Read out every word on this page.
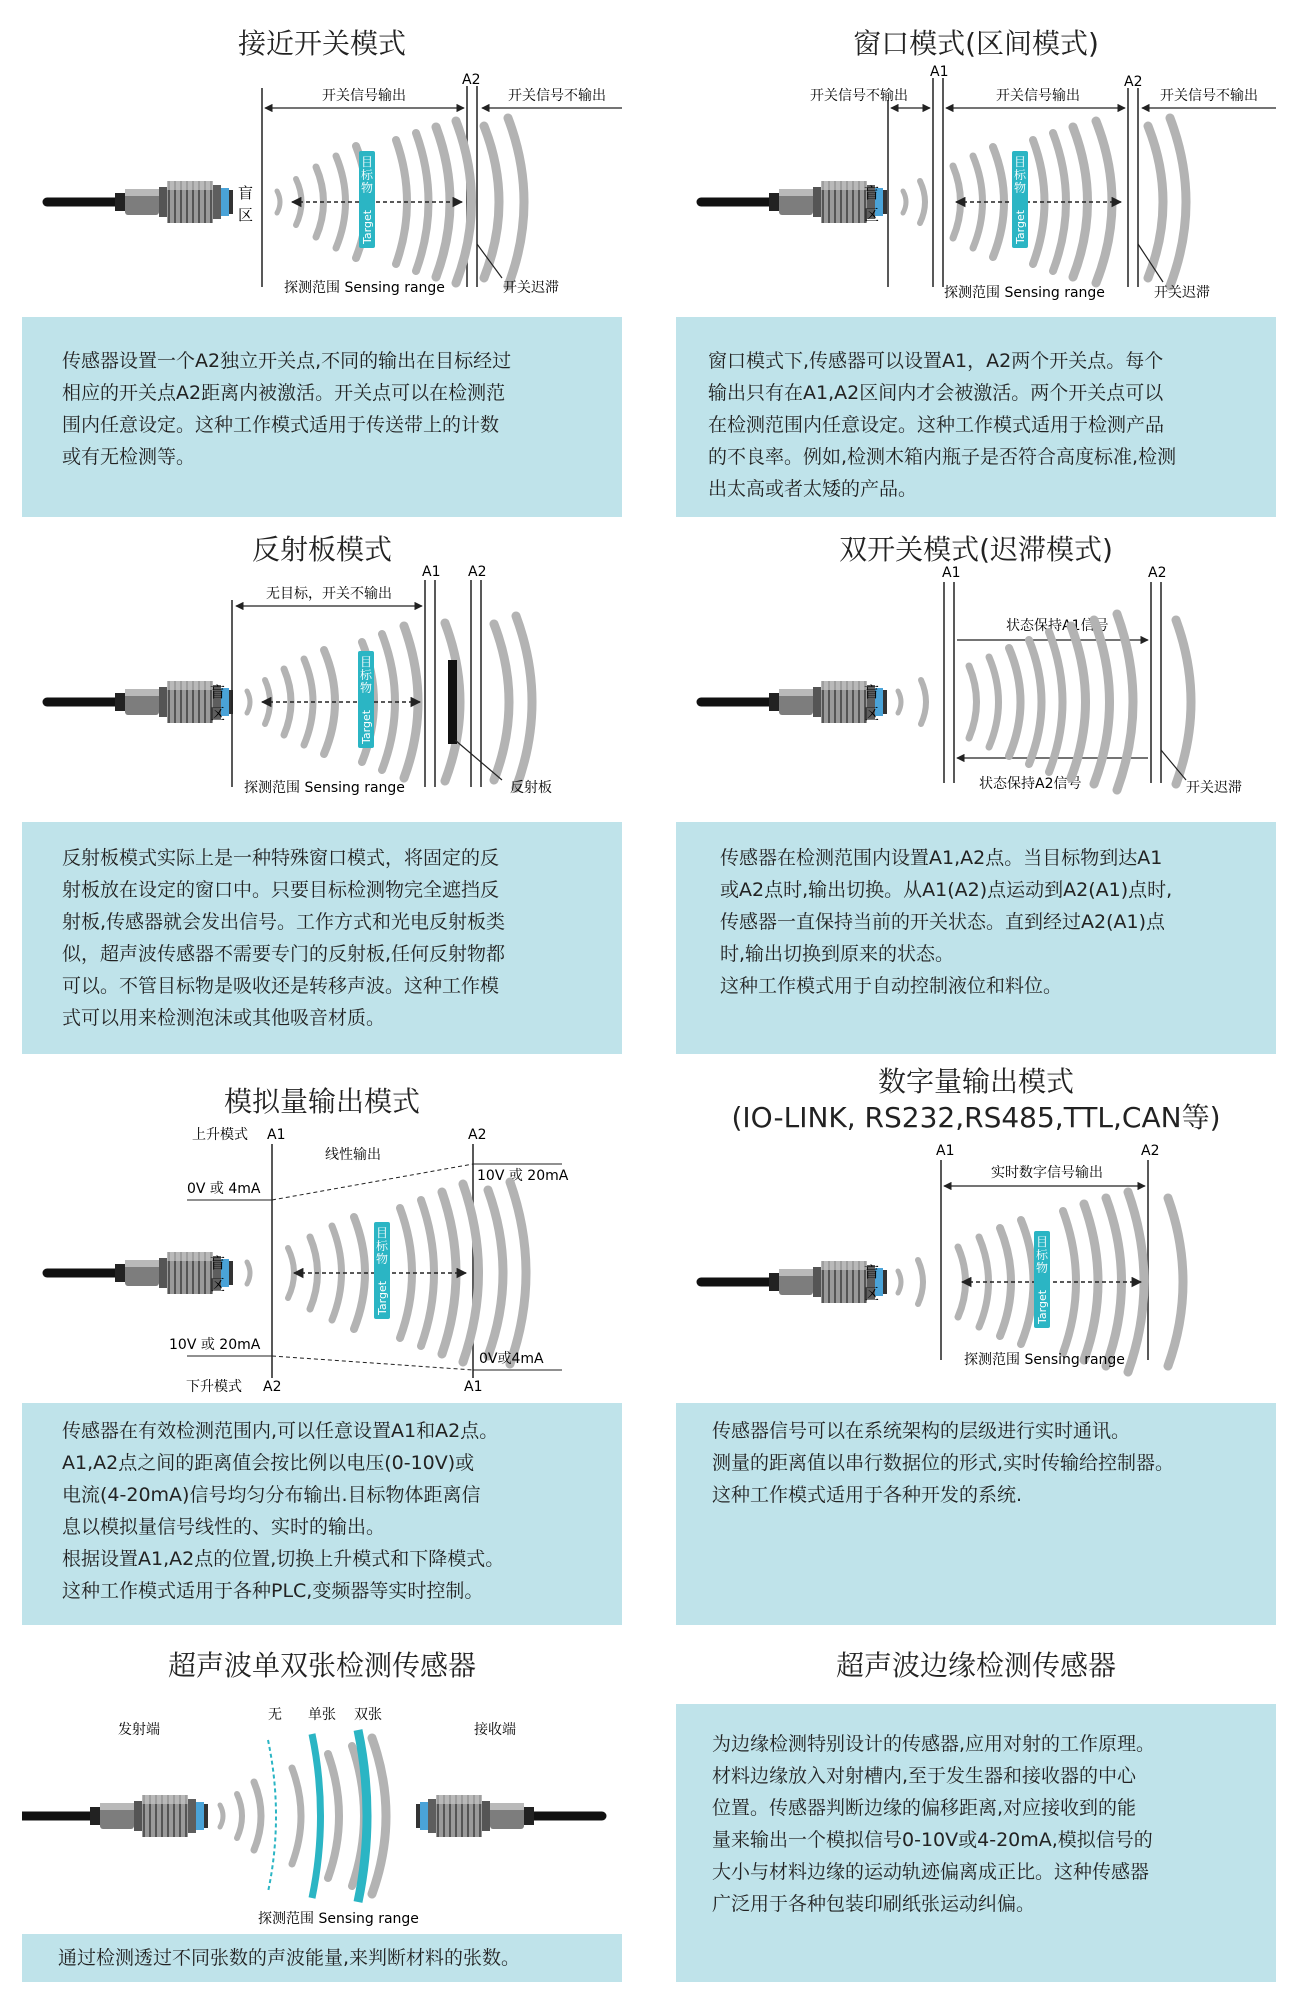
接近开关模式
盲
区
A2
开关信号输出	开关信号不输出
目
标
物
Target
开关迟滞
探测范围 Sensing range

传感器设置一个A2独立开关点,不同的输出在目标经过

相应的开关点A2距离内被激活。开关点可以在检测范

围内任意设定。这种工作模式适用于传送带上的计数

或有无检测等。

窗口模式(区间模式)
盲
区
A1
A2
开关信号不输出	开关信号输出	开关信号不输出
目
标
物
Target
开关迟滞
探测范围 Sensing range

窗口模式下,传感器可以设置A1，A2两个开关点。每个

输出只有在A1,A2区间内才会被激活。两个开关点可以

在检测范围内任意设定。这种工作模式适用于检测产品

的不良率。例如,检测木箱内瓶子是否符合高度标准,检测

出太高或者太矮的产品。

反射板模式
盲
区
A1 A2
无目标，开关不输出
目
标
物
Target
反射板
探测范围 Sensing range

反射板模式实际上是一种特殊窗口模式，将固定的反

射板放在设定的窗口中。只要目标检测物完全遮挡反

射板,传感器就会发出信号。工作方式和光电反射板类

似，超声波传感器不需要专门的反射板,任何反射物都

可以。不管目标物是吸收还是转移声波。这种工作模

式可以用来检测泡沫或其他吸音材质。

双开关模式(迟滞模式)
盲
区
A1	A2
状态保持A1信号
状态保持A2信号	开关迟滞

传感器在检测范围内设置A1,A2点。当目标物到达A1

或A2点时,输出切换。从A1(A2)点运动到A2(A1)点时,

传感器一直保持当前的开关状态。直到经过A2(A1)点

时,输出切换到原来的状态。

这种工作模式用于自动控制液位和料位。

模拟量输出模式
上升模式 A1	A2
线性输出
0V 或 4mA
10V 或 20mA
盲
区
目
标
物
Target
10V 或 20mA
0V或4mA
下升模式 A2	A1

传感器在有效检测范围内,可以任意设置A1和A2点。

A1,A2点之间的距离值会按比例以电压(0-10V)或

电流(4-20mA)信号均匀分布输出.目标物体距离信

息以模拟量信号线性的、实时的输出。

根据设置A1,A2点的位置,切换上升模式和下降模式。

这种工作模式适用于各种PLC,变频器等实时控制。

数字量输出模式
(IO-LINK, RS232,RS485,TTL,CAN等)
A1	A2
实时数字信号输出
盲
区
目
标
物
Target
探测范围 Sensing range

传感器信号可以在系统架构的层级进行实时通讯。

测量的距离值以串行数据位的形式,实时传输给控制器。

这种工作模式适用于各种开发的系统.

超声波单双张检测传感器
发射端	接收端
无 单张 双张
探测范围 Sensing range

通过检测透过不同张数的声波能量,来判断材料的张数。

超声波边缘检测传感器

为边缘检测特别设计的传感器,应用对射的工作原理。

材料边缘放入对射槽内,至于发生器和接收器的中心

位置。传感器判断边缘的偏移距离,对应接收到的能

量来输出一个模拟信号0-10V或4-20mA,模拟信号的

大小与材料边缘的运动轨迹偏离成正比。这种传感器

广泛用于各种包装印刷纸张运动纠偏。
